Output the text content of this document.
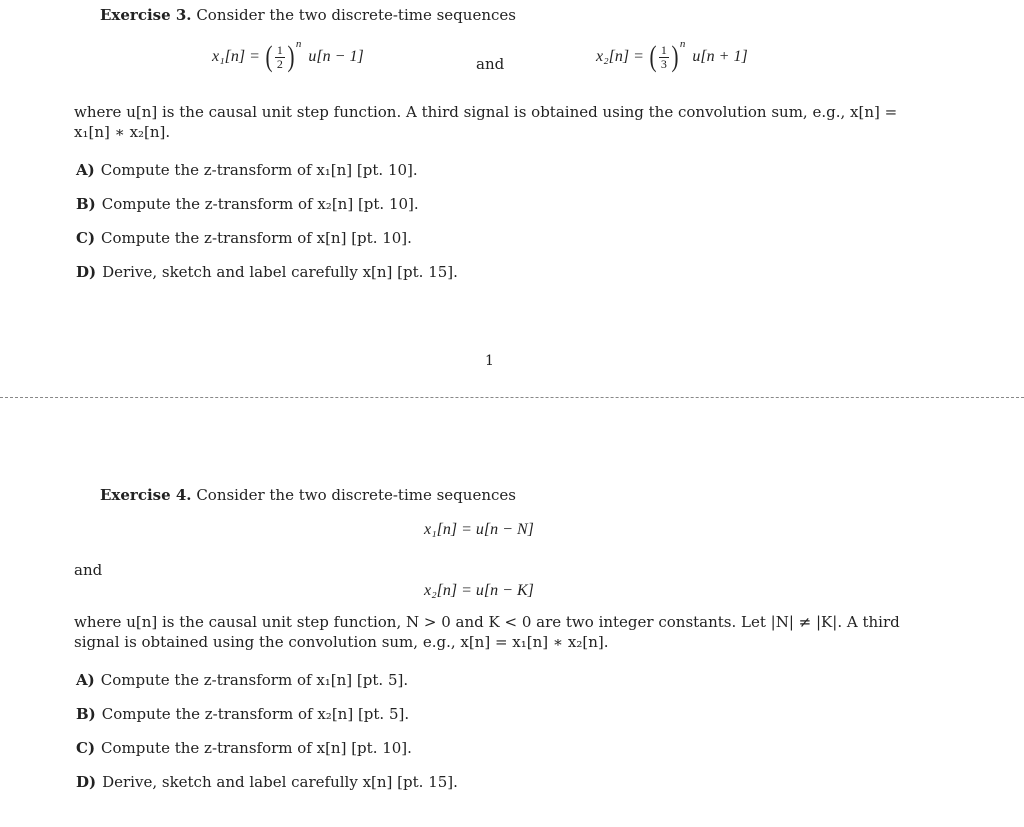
Exercise 3. Consider the two discrete-time sequences
x₁[n] = ( $\frac{1}{2}$ ) $^n$ u[n − 1]	and	x₂[n] = ( $\frac{1}{3}$ ) $^n$ u[n + 1]
where u[n] is the causal unit step function. A third signal is obtained using the convolution sum, e.g., x[n] =
x₁[n] ∗ x₂[n].
A) Compute the z-transform of x₁[n] [pt. 10].
B) Compute the z-transform of x₂[n] [pt. 10].
C) Compute the z-transform of x[n] [pt. 10].
D) Derive, sketch and label carefully x[n] [pt. 15].
1
Exercise 4. Consider the two discrete-time sequences
x₁[n] = u[n − N]
and
x₂[n] = u[n − K]
where u[n] is the causal unit step function, N > 0 and K < 0 are two integer constants. Let |N| ≠ |K|. A third
signal is obtained using the convolution sum, e.g., x[n] = x₁[n] ∗ x₂[n].
A) Compute the z-transform of x₁[n] [pt. 5].
B) Compute the z-transform of x₂[n] [pt. 5].
C) Compute the z-transform of x[n] [pt. 10].
D) Derive, sketch and label carefully x[n] [pt. 15].
